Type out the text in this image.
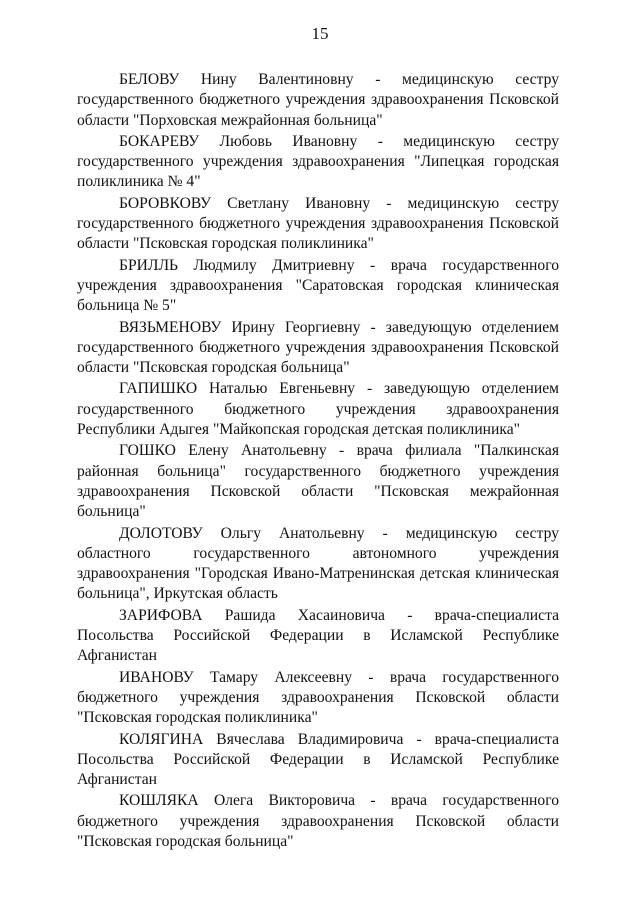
15

БЕЛОВУ Нину Валентиновну - медицинскую сестру государственного бюджетного учреждения здравоохранения Псковской области "Порховская межрайонная больница"

БОКАРЕВУ Любовь Ивановну - медицинскую сестру государственного учреждения здравоохранения "Липецкая городская поликлиника № 4"

БОРОВКОВУ Светлану Ивановну - медицинскую сестру государственного бюджетного учреждения здравоохранения Псковской области "Псковская городская поликлиника"

БРИЛЛЬ Людмилу Дмитриевну - врача государственного учреждения здравоохранения "Саратовская городская клиническая больница № 5"

ВЯЗЬМЕНОВУ Ирину Георгиевну - заведующую отделением государственного бюджетного учреждения здравоохранения Псковской области "Псковская городская больница"

ГАПИШКО Наталью Евгеньевну - заведующую отделением государственного бюджетного учреждения здравоохранения Республики Адыгея "Майкопская городская детская поликлиника"

ГОШКО Елену Анатольевну - врача филиала "Палкинская районная больница" государственного бюджетного учреждения здравоохранения Псковской области "Псковская межрайонная больница"

ДОЛОТОВУ Ольгу Анатольевну - медицинскую сестру областного государственного автономного учреждения здравоохранения "Городская Ивано-Матренинская детская клиническая больница", Иркутская область

ЗАРИФОВА Рашида Хасаиновича - врача-специалиста Посольства Российской Федерации в Исламской Республике Афганистан

ИВАНОВУ Тамару Алексеевну - врача государственного бюджетного учреждения здравоохранения Псковской области "Псковская городская поликлиника"

КОЛЯГИНА Вячеслава Владимировича - врача-специалиста Посольства Российской Федерации в Исламской Республике Афганистан

КОШЛЯКА Олега Викторовича - врача государственного бюджетного учреждения здравоохранения Псковской области "Псковская городская больница"
